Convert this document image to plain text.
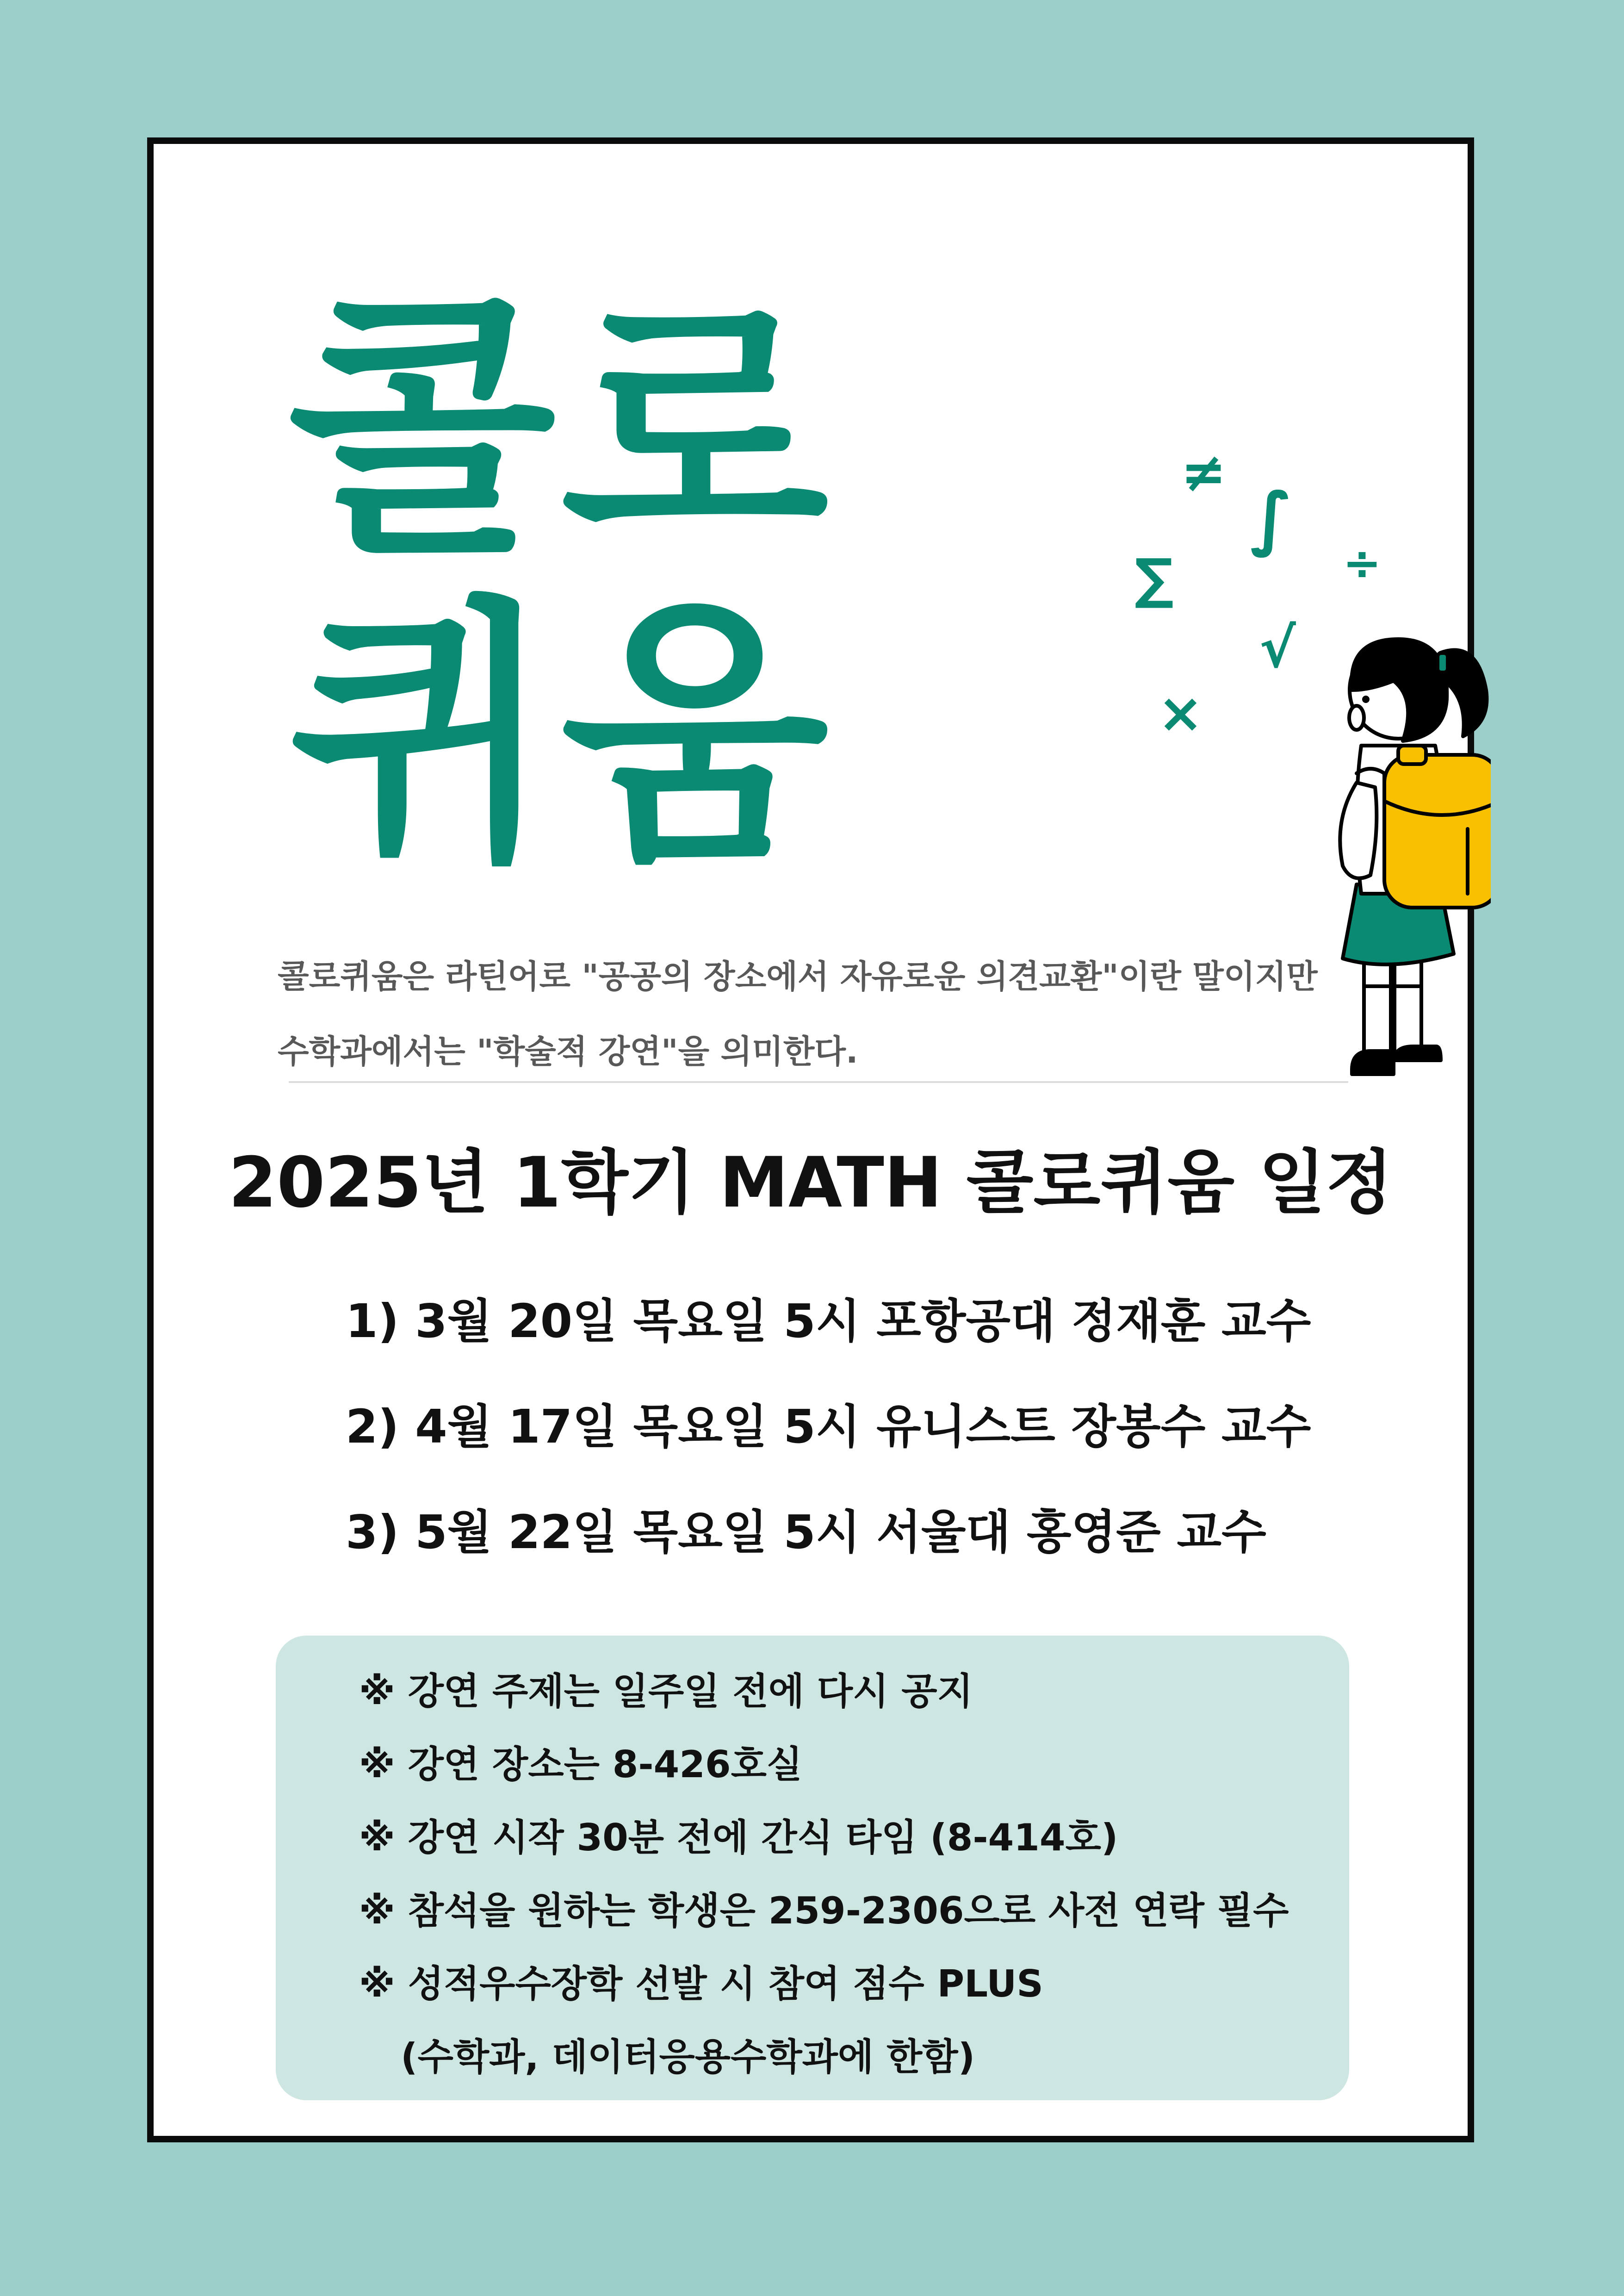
콜로
퀴움
≠
∫
∑	÷
√
×

콜로퀴움은 라틴어로 "공공의 장소에서 자유로운 의견교환"이란 말이지만

수학과에서는 "학술적 강연"을 의미한다.

2025년 1학기 MATH 콜로퀴움 일정
1) 3월 20일 목요일 5시 포항공대 정재훈 교수
2) 4월 17일 목요일 5시 유니스트 장봉수 교수
3) 5월 22일 목요일 5시 서울대 홍영준 교수
※ 강연 주제는 일주일 전에 다시 공지
※ 강연 장소는 8-426호실
※ 강연 시작 30분 전에 간식 타임 (8-414호)
※ 참석을 원하는 학생은 259-2306으로 사전 연락 필수
※ 성적우수장학 선발 시 참여 점수 PLUS
(수학과, 데이터응용수학과에 한함)
